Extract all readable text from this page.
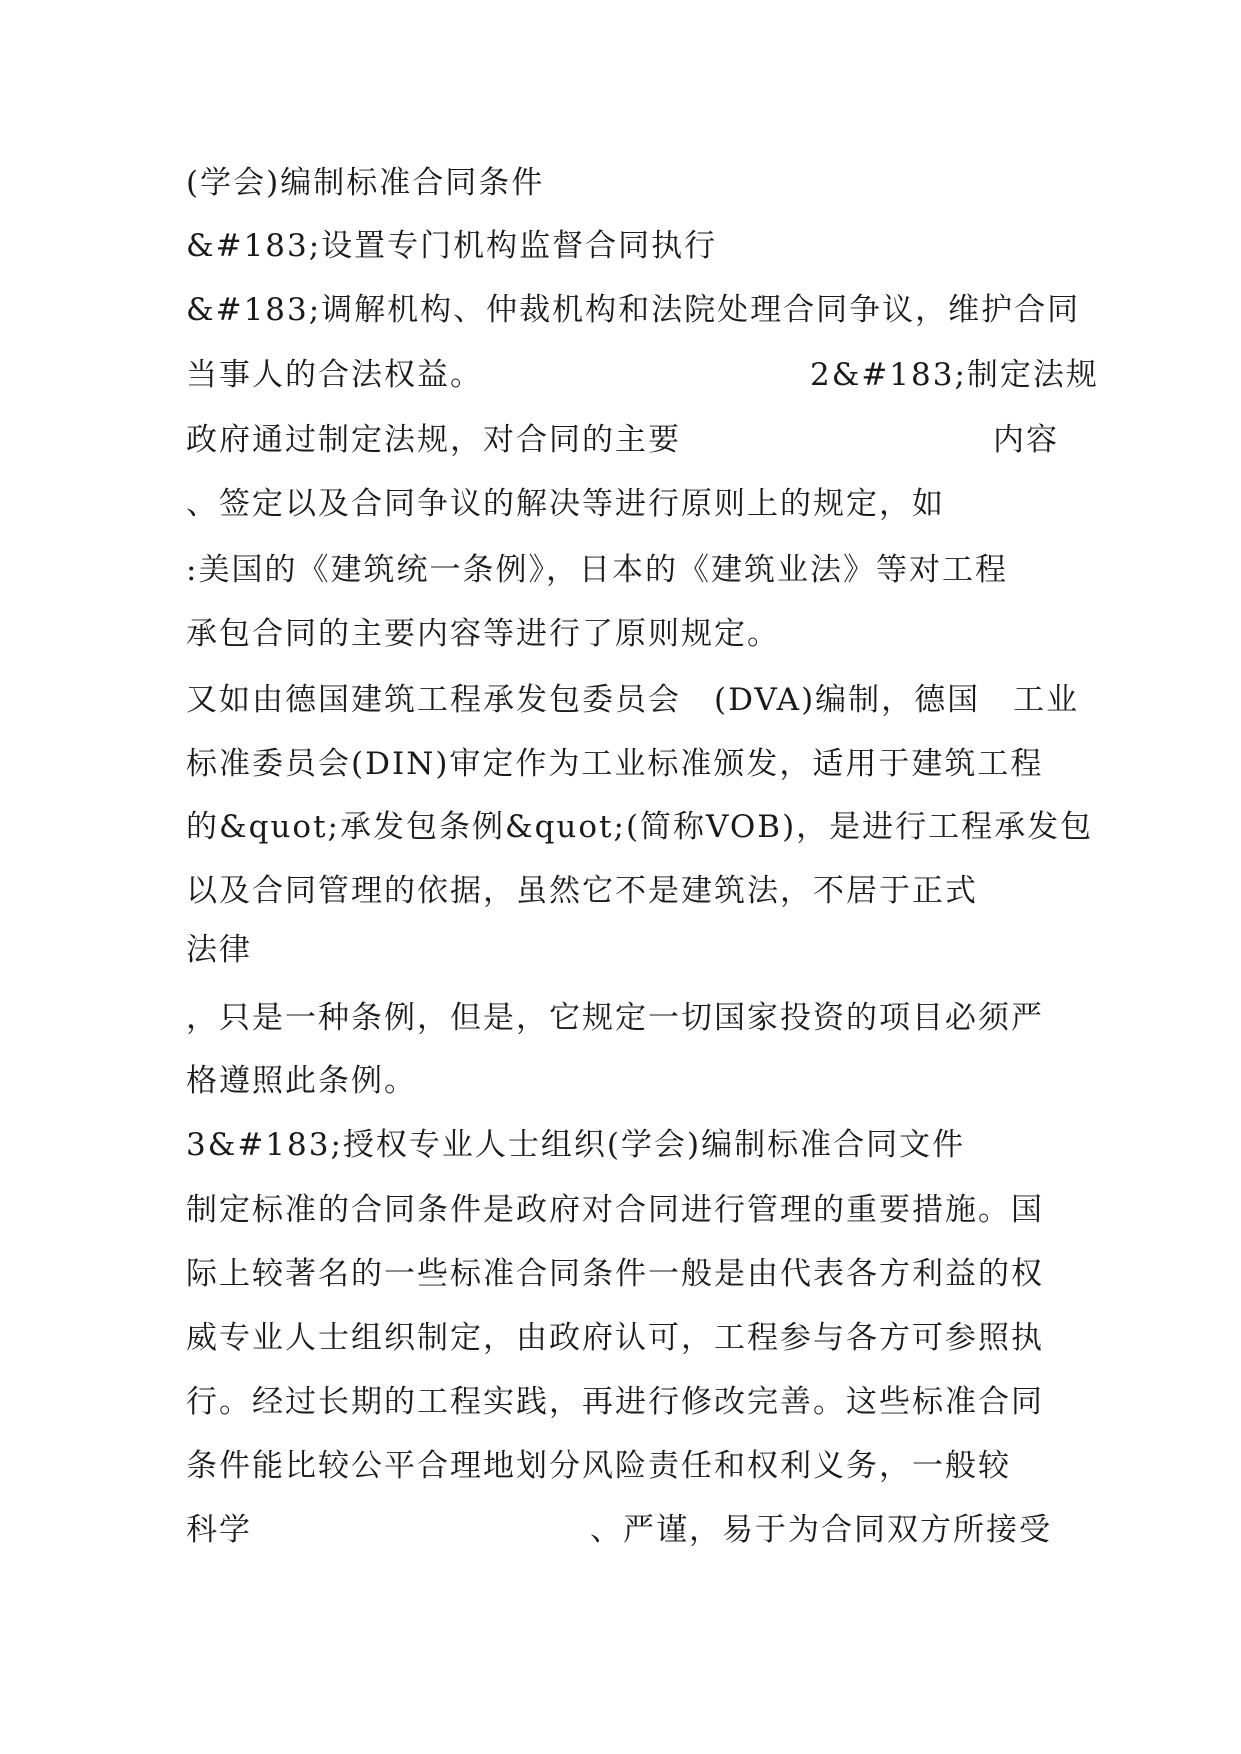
(学会)编制标准合同条件
&#183;设置专门机构监督合同执行
&#183;调解机构、仲裁机构和法院处理合同争议，维护合同
当事人的合法权益。	2&#183;制定法规
政府通过制定法规，对合同的主要	内容
、签定以及合同争议的解决等进行原则上的规定，如
:美国的《建筑统一条例》，日本的《建筑业法》等对工程
承包合同的主要内容等进行了原则规定。
又如由德国建筑工程承发包委员会　(DVA)编制，德国　工业
标准委员会(DIN)审定作为工业标准颁发，适用于建筑工程
的&quot;承发包条例&quot;(简称VOB)，是进行工程承发包
以及合同管理的依据，虽然它不是建筑法，不居于正式
法律
，只是一种条例，但是，它规定一切国家投资的项目必须严
格遵照此条例。
3&#183;授权专业人士组织(学会)编制标准合同文件
制定标准的合同条件是政府对合同进行管理的重要措施。国
际上较著名的一些标准合同条件一般是由代表各方利益的权
威专业人士组织制定，由政府认可，工程参与各方可参照执
行。经过长期的工程实践，再进行修改完善。这些标准合同
条件能比较公平合理地划分风险责任和权利义务，一般较
科学	、严谨，易于为合同双方所接受
